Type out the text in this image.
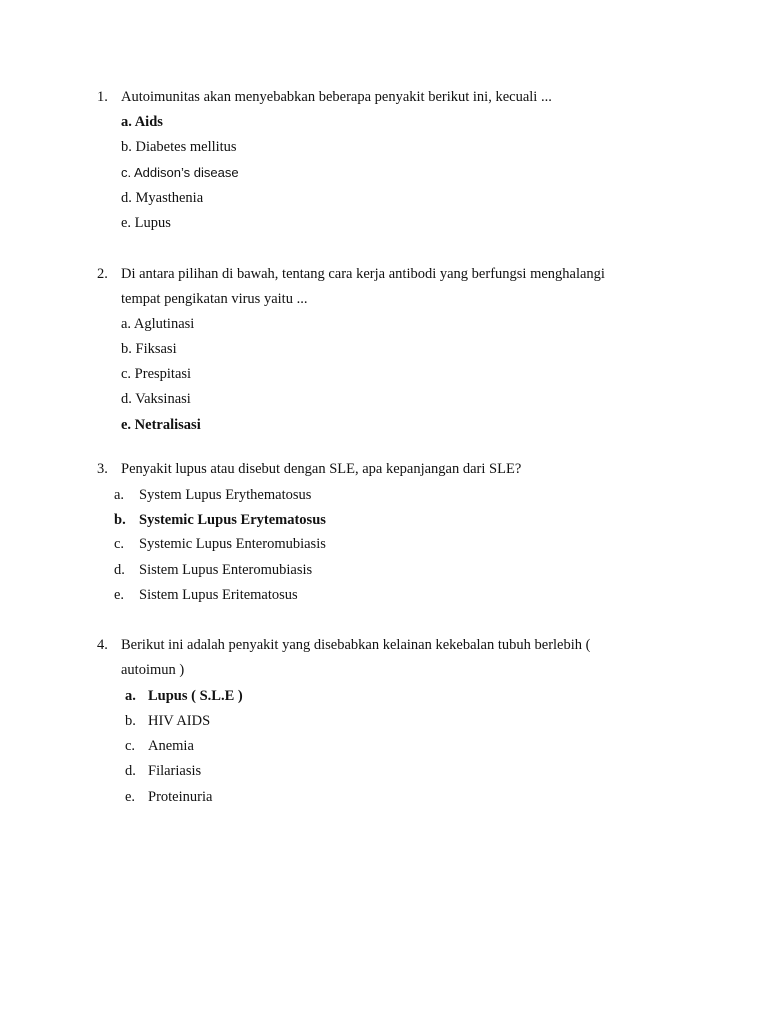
1. Autoimunitas akan menyebabkan beberapa penyakit berikut ini, kecuali ...
a. Aids
b. Diabetes mellitus
c. Addison’s disease
d. Myasthenia
e. Lupus
2. Di antara pilihan di bawah, tentang cara kerja antibodi yang berfungsi menghalangi
tempat pengikatan virus yaitu ...
a. Aglutinasi
b. Fiksasi
c. Prespitasi
d. Vaksinasi
e. Netralisasi
3. Penyakit lupus atau disebut dengan SLE, apa kepanjangan dari SLE?
a. System Lupus Erythematosus
b. Systemic Lupus Erytematosus
c. Systemic Lupus Enteromubiasis
d. Sistem Lupus Enteromubiasis
e. Sistem Lupus Eritematosus
4. Berikut ini adalah penyakit yang disebabkan kelainan kekebalan tubuh berlebih (
autoimun )
a. Lupus ( S.L.E )
b. HIV AIDS
c. Anemia
d. Filariasis
e. Proteinuria
